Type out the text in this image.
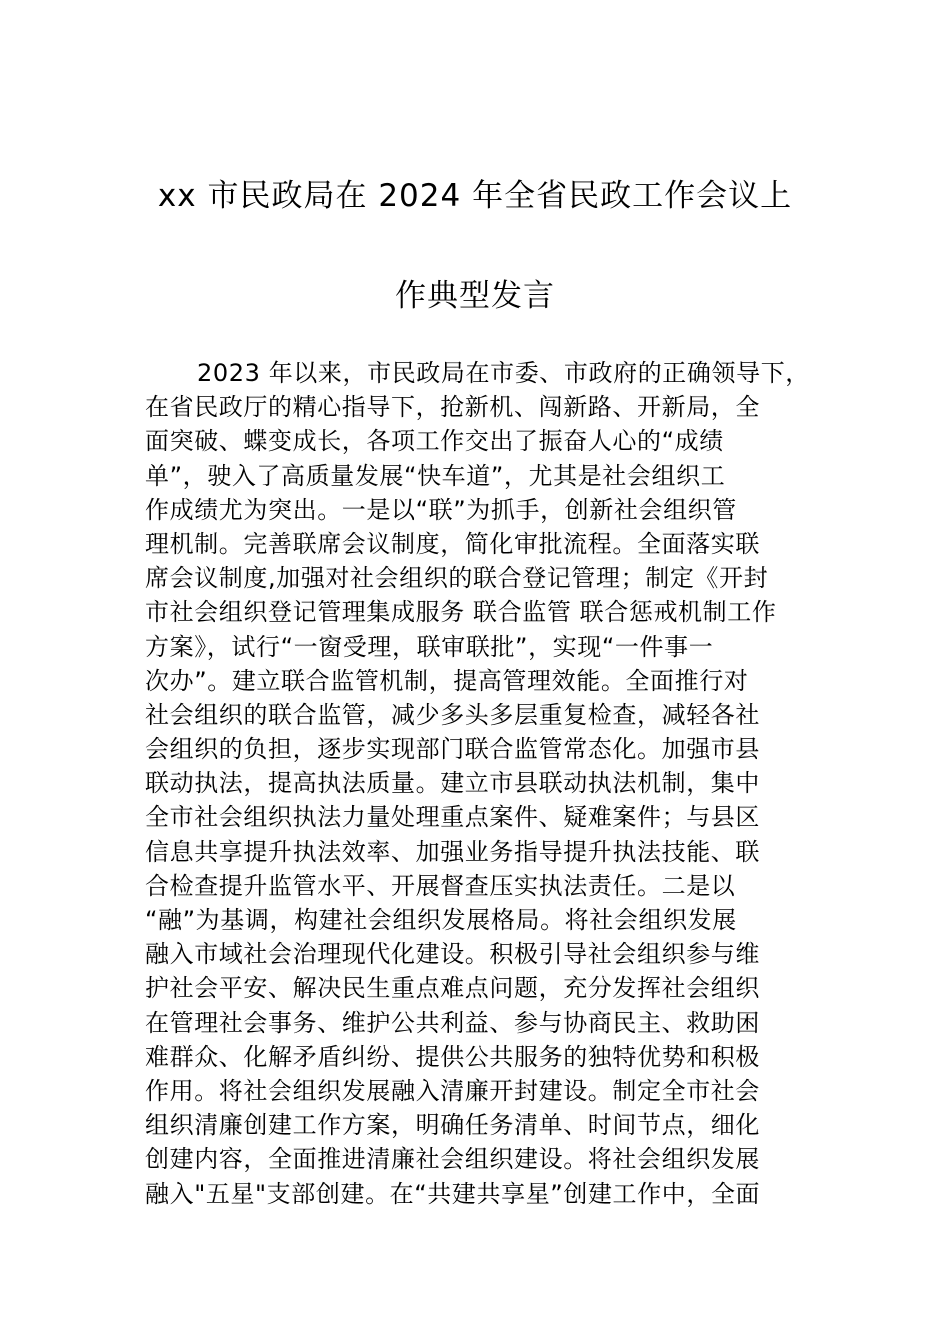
xx 市民政局在 2024 年全省民政工作会议上
作典型发言
2023 年以来，市民政局在市委、市政府的正确领导下，
在省民政厅的精心指导下，抢新机、闯新路、开新局，全
面突破、蝶变成长，各项工作交出了振奋人心的“成绩
单”，驶入了高质量发展“快车道”，尤其是社会组织工
作成绩尤为突出。一是以“联”为抓手，创新社会组织管
理机制。完善联席会议制度，简化审批流程。全面落实联
席会议制度,加强对社会组织的联合登记管理；制定《开封
市社会组织登记管理集成服务 联合监管 联合惩戒机制工作
方案》，试行“一窗受理，联审联批”，实现“一件事一
次办”。建立联合监管机制，提高管理效能。全面推行对
社会组织的联合监管，减少多头多层重复检查，减轻各社
会组织的负担，逐步实现部门联合监管常态化。加强市县
联动执法，提高执法质量。建立市县联动执法机制，集中
全市社会组织执法力量处理重点案件、疑难案件；与县区
信息共享提升执法效率、加强业务指导提升执法技能、联
合检查提升监管水平、开展督查压实执法责任。二是以
“融”为基调，构建社会组织发展格局。将社会组织发展
融入市域社会治理现代化建设。积极引导社会组织参与维
护社会平安、解决民生重点难点问题，充分发挥社会组织
在管理社会事务、维护公共利益、参与协商民主、救助困
难群众、化解矛盾纠纷、提供公共服务的独特优势和积极
作用。将社会组织发展融入清廉开封建设。制定全市社会
组织清廉创建工作方案，明确任务清单、时间节点，细化
创建内容，全面推进清廉社会组织建设。将社会组织发展
融入"五星"支部创建。在“共建共享星”创建工作中，全面
